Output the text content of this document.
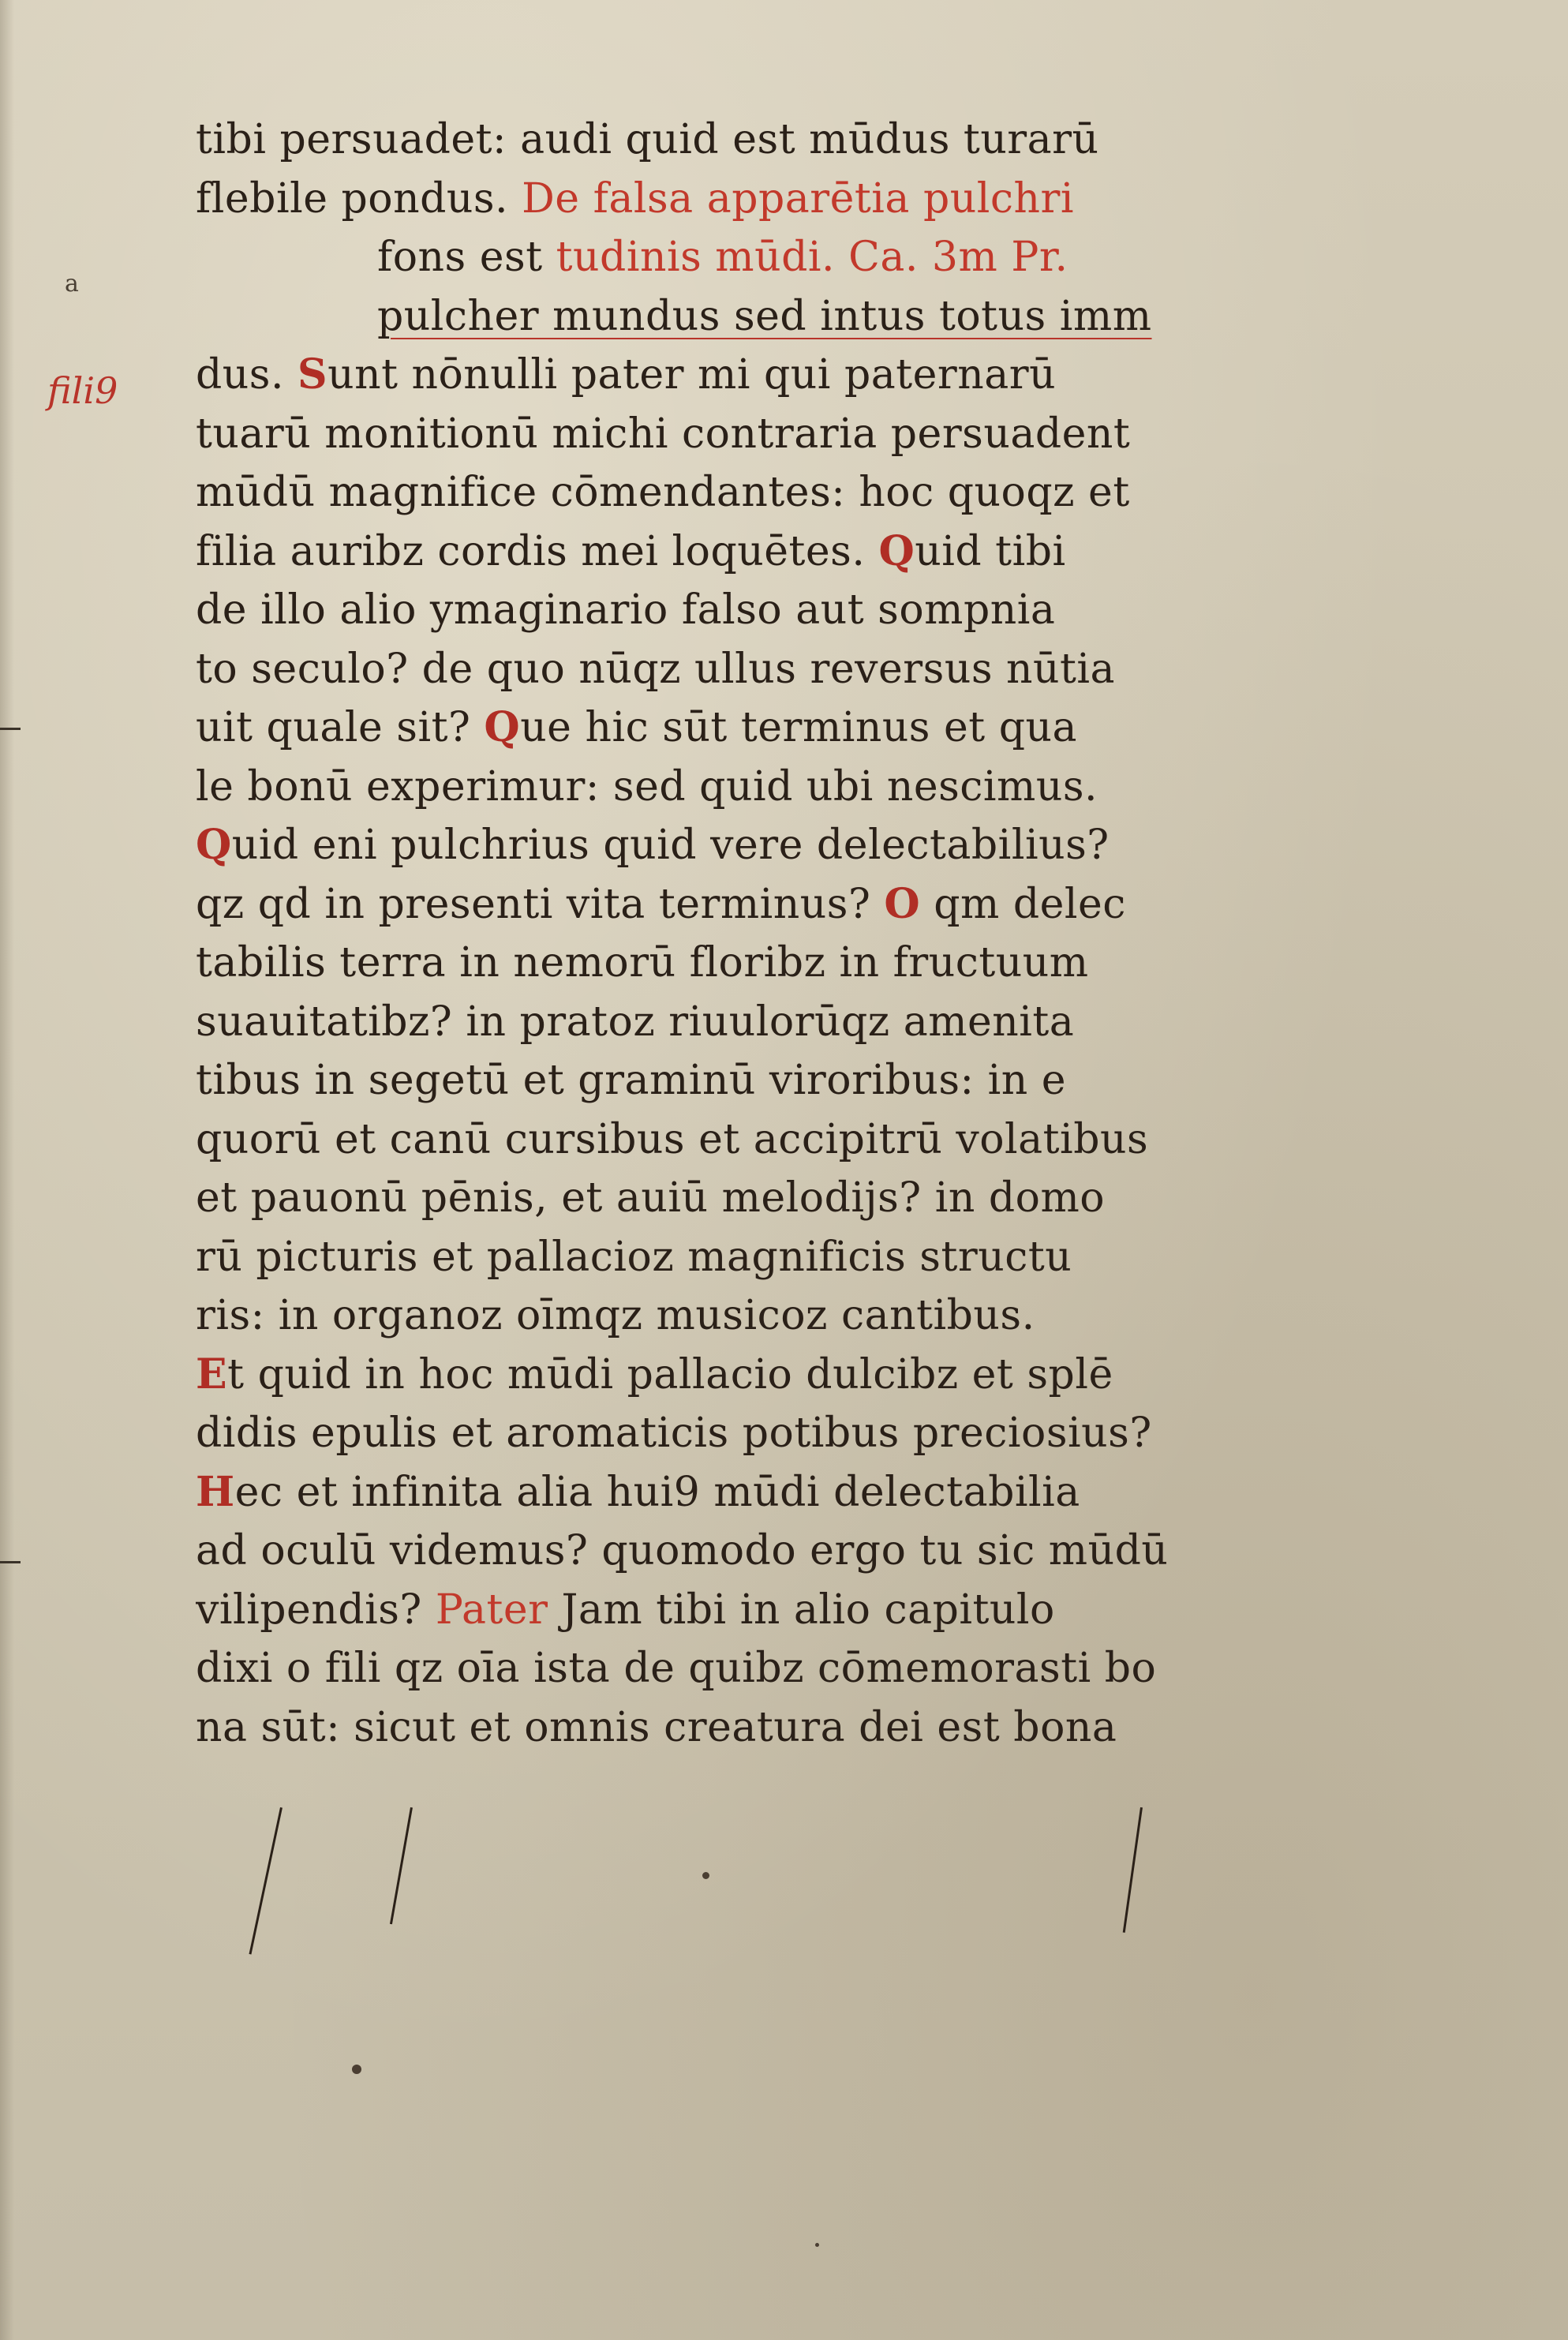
a
fili9
tibi persuadet: audi quid est mūdus turarū
flebile pondus. De falsa apparētia pulchri
fons est tudinis mūdi. Ca. 3m Pr.
pulcher mundus sed intus totus imm
dus. Sunt nōnulli pater mi qui paternarū
tuarū monitionū michi contraria persuadent
mūdū magnifice cōmendantes: hoc quoqz et
filia auribz cordis mei loquētes. Quid tibi
de illo alio ymaginario falso aut sompnia
to seculo? de quo nūqz ullus reversus nūtia
uit quale sit? Que hic sūt terminus et qua
le bonū experimur: sed quid ubi nescimus.
Quid eni pulchrius quid vere delectabilius?
qz qd in presenti vita terminus? O qm delec
tabilis terra in nemorū floribz in fructuum
suauitatibz? in pratoz riuulorūqz amenita
tibus in segetū et graminū viroribus: in e
quorū et canū cursibus et accipitrū volatibus
et pauonū pēnis, et auiū melodijs? in domo
rū picturis et pallacioz magnificis structu
ris: in organoz oīmqz musicoz cantibus.
Et quid in hoc mūdi pallacio dulcibz et splē
didis epulis et aromaticis potibus preciosius?
Hec et infinita alia hui9 mūdi delectabilia
ad oculū videmus? quomodo ergo tu sic mūdū
vilipendis? Pater Jam tibi in alio capitulo
dixi o fili qz oīa ista de quibz cōmemorasti bo
na sūt: sicut et omnis creatura dei est bona
